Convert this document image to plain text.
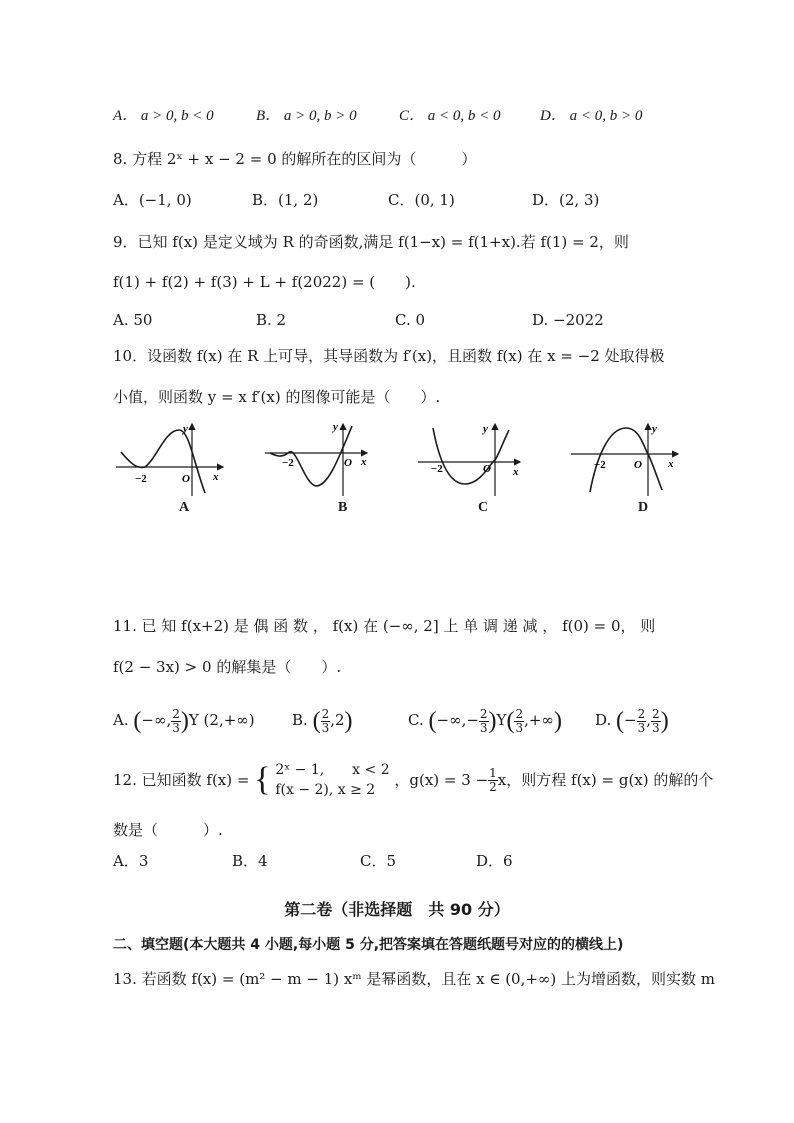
A． a > 0, b < 0	B． a > 0, b > 0	C． a < 0, b < 0	D． a < 0, b > 0
8. 方程 2ˣ + x − 2 = 0 的解所在的区间为（　　　）
A．(−1, 0)	B．(1, 2)	C．(0, 1)	D．(2, 3)
9．已知 f(x) 是定义域为 R 的奇函数,满足 f(1−x) = f(1+x).若 f(1) = 2，则
f(1) + f(2) + f(3) + L + f(2022) = (　　).
A. 50	B. 2	C. 0	D. −2022
10．设函数 f(x) 在 R 上可导，其导函数为 f′(x)，且函数 f(x) 在 x = −2 处取得极
小值，则函数 y = x f′(x) 的图像可能是（　　）.
y
−2	O x
A
y
−2	O x
B
y
−2	O x
C
y
−2	O x
D
11. 已 知 f(x+2) 是 偶 函 数 ， f(x) 在 (−∞, 2] 上 单 调 递 减 ， f(0) = 0， 则
f(2 − 3x) > 0 的解集是（　　）.
A. (−∞, $\frac{2}{3} )Y$ (2,+∞) B. ( $\frac{2}{3} ,2$)	C. (−∞,− $\frac{2}{3} )Y( \frac{2}{3}$ ,+∞) D. (− $\frac{2}{3}$ , $\frac{2}{3}$ )
12. 已知函数 f(x) = { 2ˣ − 1,　　x < 2
f(x − 2), x ≥ 2
，$g(x) = 3 - \frac{1}{2}$ x，则方程 f(x) = g(x) 的解的个
数是（　　　）.
A．3	B．4	C．5	D．6
第二卷（非选择题　共 90 分）
二、填空题(本大题共 4 小题,每小题 5 分,把答案填在答题纸题号对应的的横线上)
13. 若函数 f(x) = (m² − m − 1) xᵐ 是幂函数，且在 x ∈ (0,+∞) 上为增函数，则实数 m
